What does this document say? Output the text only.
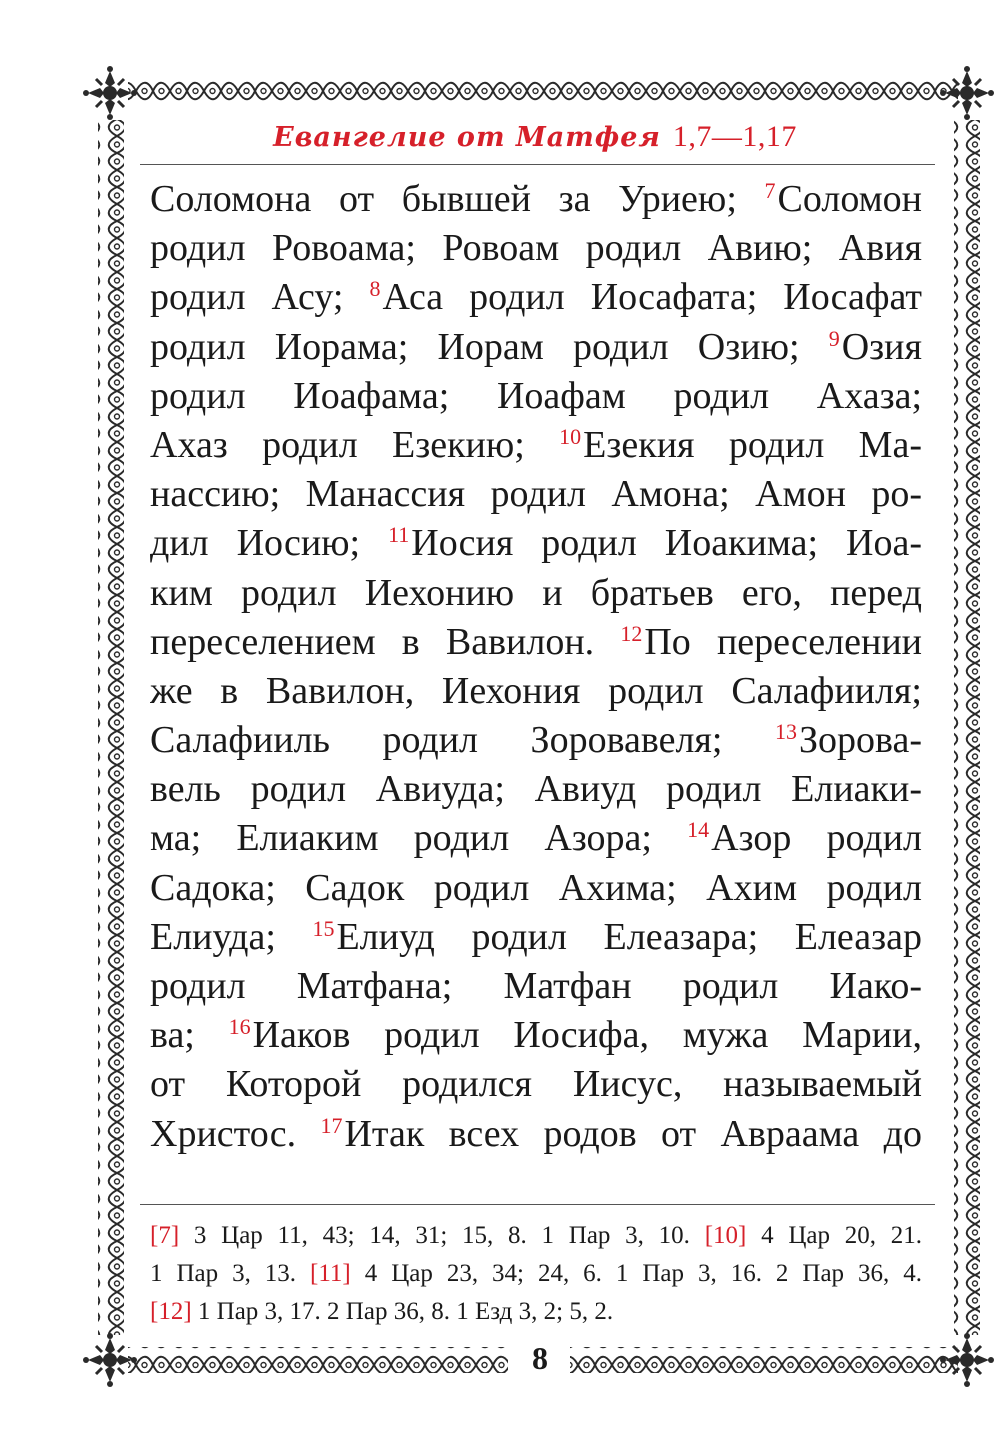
Евангелие от Матфея 1,7—1,17
Соломона от бывшей за Уриею; $^7$Соломон
родил Ровоама; Ровоам родил Авию; Авия
родил Асу; $^8$Аса родил Иосафата; Иосафат
родил Иорама; Иорам родил Озию; $^9$Озия
родил Иоафама; Иоафам родил Ахаза;
Ахаз родил Езекию; $^{10}$Езекия родил Ма-
нассию; Манассия родил Амона; Амон ро-
дил Иосию; $^{11}$Иосия родил Иоакима; Иоа-
ким родил Иехонию и братьев его, перед
переселением в Вавилон. $^{12}$По переселении
же в Вавилон, Иехония родил Салафииля;
Салафииль родил Зоровавеля; $^{13}$Зорова-
вель родил Авиуда; Авиуд родил Елиаки-
ма; Елиаким родил Азора; $^{14}$Азор родил
Садока; Садок родил Ахима; Ахим родил
Елиуда; $^{15}$Елиуд родил Елеазара; Елеазар
родил Матфана; Матфан родил Иако-
ва; $^{16}$Иаков родил Иосифа, мужа Марии,
от Которой родился Иисус, называемый
Христос. $^{17}$Итак всех родов от Авраама до
[7] 3 Цар 11, 43; 14, 31; 15, 8. 1 Пар 3, 10. [10] 4 Цар 20, 21.
1 Пар 3, 13. [11] 4 Цар 23, 34; 24, 6. 1 Пар 3, 16. 2 Пар 36, 4.
[12] 1 Пар 3, 17. 2 Пар 36, 8. 1 Езд 3, 2; 5, 2.
8
